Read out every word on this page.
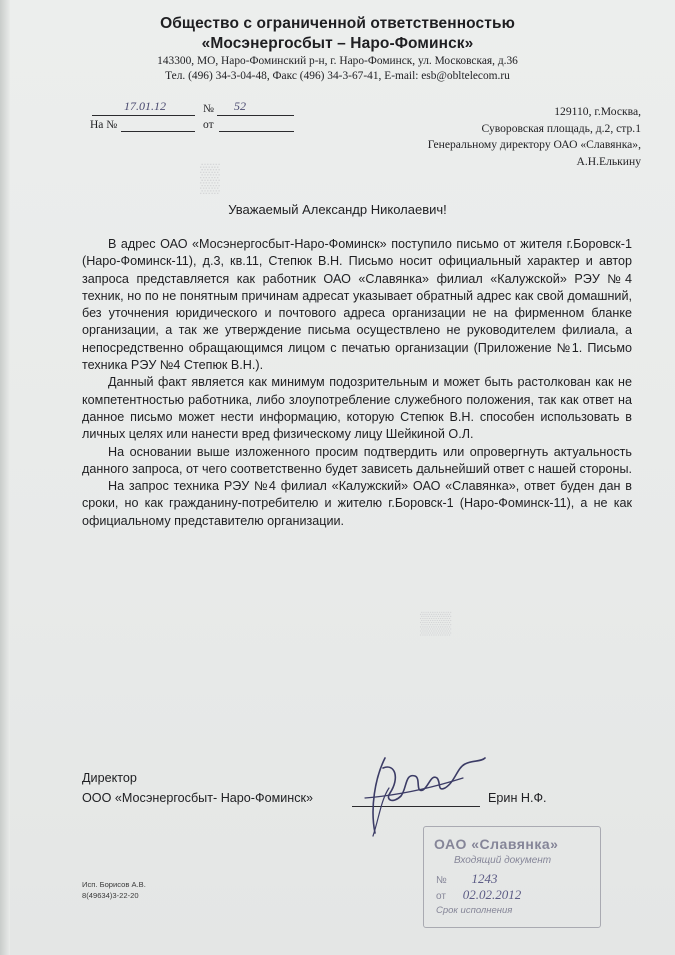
▒
▒▒
Общество с ограниченной ответственностью
«Мосэнергосбыт – Наро-Фоминск»
143300, МО, Наро-Фоминский р-н, г. Наро-Фоминск, ул. Московская, д.36
Тел. (496) 34-3-04-48, Факс (496) 34-3-67-41, E-mail: esb@obltelecom.ru
17.01.12	№ 52
На №	от
129110, г.Москва,
Суворовская площадь, д.2, стр.1
Генеральному директору ОАО «Славянка»,
А.Н.Елькину
Уважаемый Александр Николаевич!

В адрес ОАО «Мосэнергосбыт-Наро-Фоминск» поступило письмо от жителя г.Боровск-1 (Наро-Фоминск-11), д.3, кв.11, Степюк В.Н. Письмо носит официальный характер и автор запроса представляется как работник ОАО «Славянка» филиал «Калужской» РЭУ №4 техник, но по не понятным причинам адресат указывает обратный адрес как свой домашний, без уточнения юридического и почтового адреса организации не на фирменном бланке организации, а так же утверждение письма осуществлено не руководителем филиала, а непосредственно обращающимся лицом с печатью организации (Приложение №1. Письмо техника РЭУ №4 Степюк В.Н.).

Данный факт является как минимум подозрительным и может быть растолкован как не компетентностью работника, либо злоупотребление служебного положения, так как ответ на данное письмо может нести информацию, которую Степюк В.Н. способен использовать в личных целях или нанести вред физическому лицу Шейкиной О.Л.

На основании выше изложенного просим подтвердить или опровергнуть актуальность данного запроса, от чего соответственно будет зависеть дальнейший ответ с нашей стороны.

На запрос техника РЭУ №4 филиал «Калужский» ОАО «Славянка», ответ буден дан в сроки, но как гражданину-потребителю и жителю г.Боровск-1 (Наро-Фоминск-11), а не как официальному представителю организации.

Директор
ООО «Мосэнергосбыт- Наро-Фоминск»	Ерин Н.Ф.
Исп. Борисов А.В.
8(49634)3-22-20
ОАО «Славянка»
Входящий документ
№ 1243
от 02.02.2012
Срок исполнения
